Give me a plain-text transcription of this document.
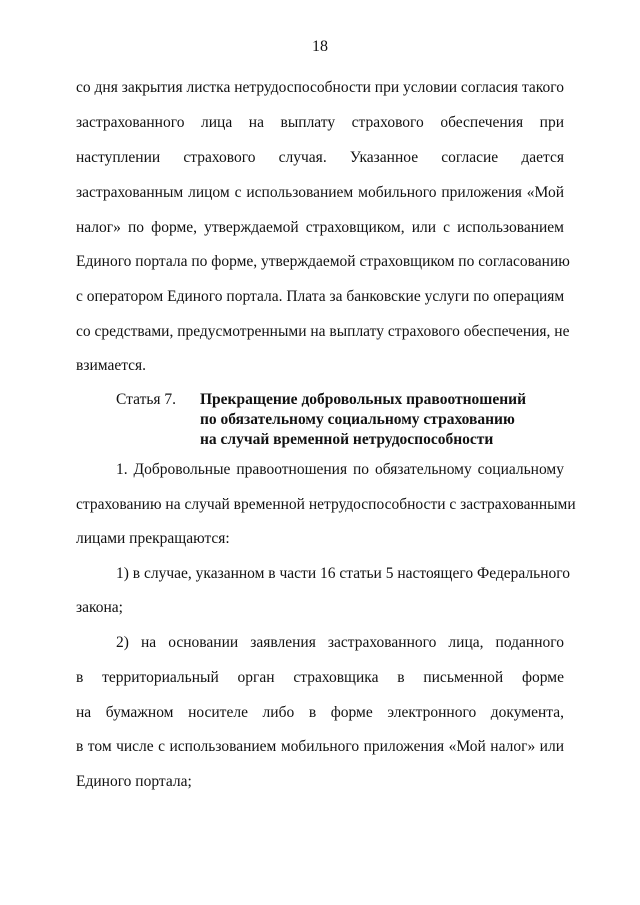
18
со дня закрытия листка нетрудоспособности при условии согласия такого
застрахованного лица на выплату страхового обеспечения при
наступлении страхового случая. Указанное согласие дается
застрахованным лицом с использованием мобильного приложения «Мой
налог» по форме, утверждаемой страховщиком, или с использованием
Единого портала по форме, утверждаемой страховщиком по согласованию
с оператором Единого портала. Плата за банковские услуги по операциям
со средствами, предусмотренными на выплату страхового обеспечения, не
взимается.
Статья 7. Прекращение добровольных правоотношений
по обязательному социальному страхованию
на случай временной нетрудоспособности
1. Добровольные правоотношения по обязательному социальному
страхованию на случай временной нетрудоспособности с застрахованными
лицами прекращаются:
1) в случае, указанном в части 16 статьи 5 настоящего Федерального
закона;
2) на основании заявления застрахованного лица, поданного
в территориальный орган страховщика в письменной форме
на бумажном носителе либо в форме электронного документа,
в том числе с использованием мобильного приложения «Мой налог» или
Единого портала;
